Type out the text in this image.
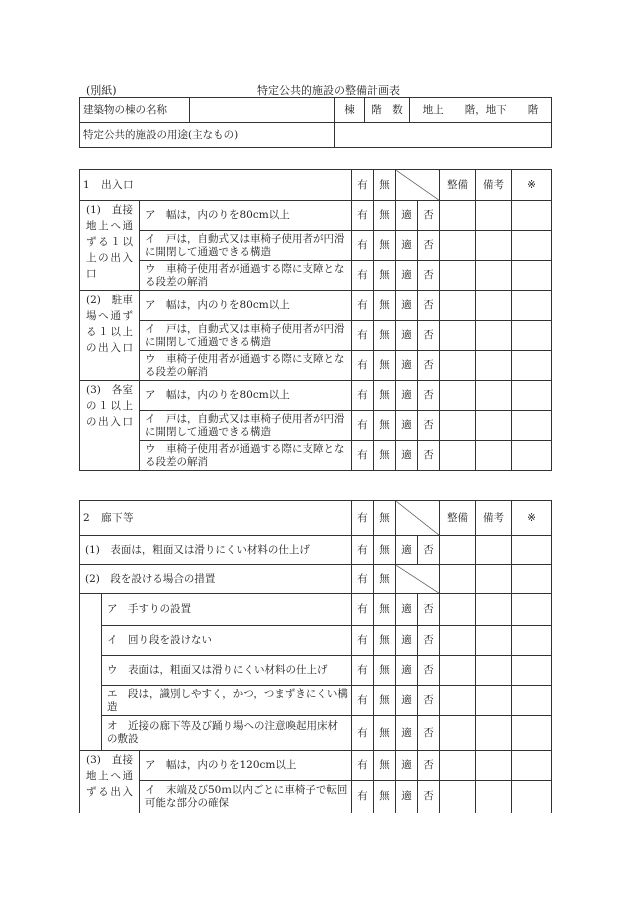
(別紙)	特定公共的施設の整備計画表
建築物の棟の名称		棟	階　数	地上　　階，地下　　階
特定公共的施設の用途(主なもの)				
1　出入口		有	無			整備	備考	※
(1)　直接地上へ通ずる１以上の出入口	ア　幅は，内のりを80cm以上	有	無	適	否			
	イ　戸は，自動式又は車椅子使用者が円滑に開閉して通過できる構造	有	無	適	否			
	ウ　車椅子使用者が通過する際に支障となる段差の解消	有	無	適	否			
(2)　駐車場へ通ずる１以上の出入口	ア　幅は，内のりを80cm以上	有	無	適	否			
	イ　戸は，自動式又は車椅子使用者が円滑に開閉して通過できる構造	有	無	適	否			
	ウ　車椅子使用者が通過する際に支障となる段差の解消	有	無	適	否			
(3)　各室の１以上の出入口	ア　幅は，内のりを80cm以上	有	無	適	否			
	イ　戸は，自動式又は車椅子使用者が円滑に開閉して通過できる構造	有	無	適	否			
	ウ　車椅子使用者が通過する際に支障となる段差の解消	有	無	適	否			
2　廊下等			有	無			整備	備考	※
(1)　表面は，粗面又は滑りにくい材料の仕上げ			有	無	適	否			
(2)　段を設ける場合の措置			有	無					
	ア　手すりの設置		有	無	適	否			
	イ　回り段を設けない		有	無	適	否			
	ウ　表面は，粗面又は滑りにくい材料の仕上げ		有	無	適	否			
	エ　段は，識別しやすく，かつ，つまずきにくい構造		有	無	適	否			
	オ　近接の廊下等及び踊り場への注意喚起用床材の敷設		有	無	適	否			
(3)　直接地上へ通ずる出入		ア　幅は，内のりを120cm以上	有	無	適	否			
		イ　末端及び50ｍ以内ごとに車椅子で転回可能な部分の確保	有	無	適	否			
